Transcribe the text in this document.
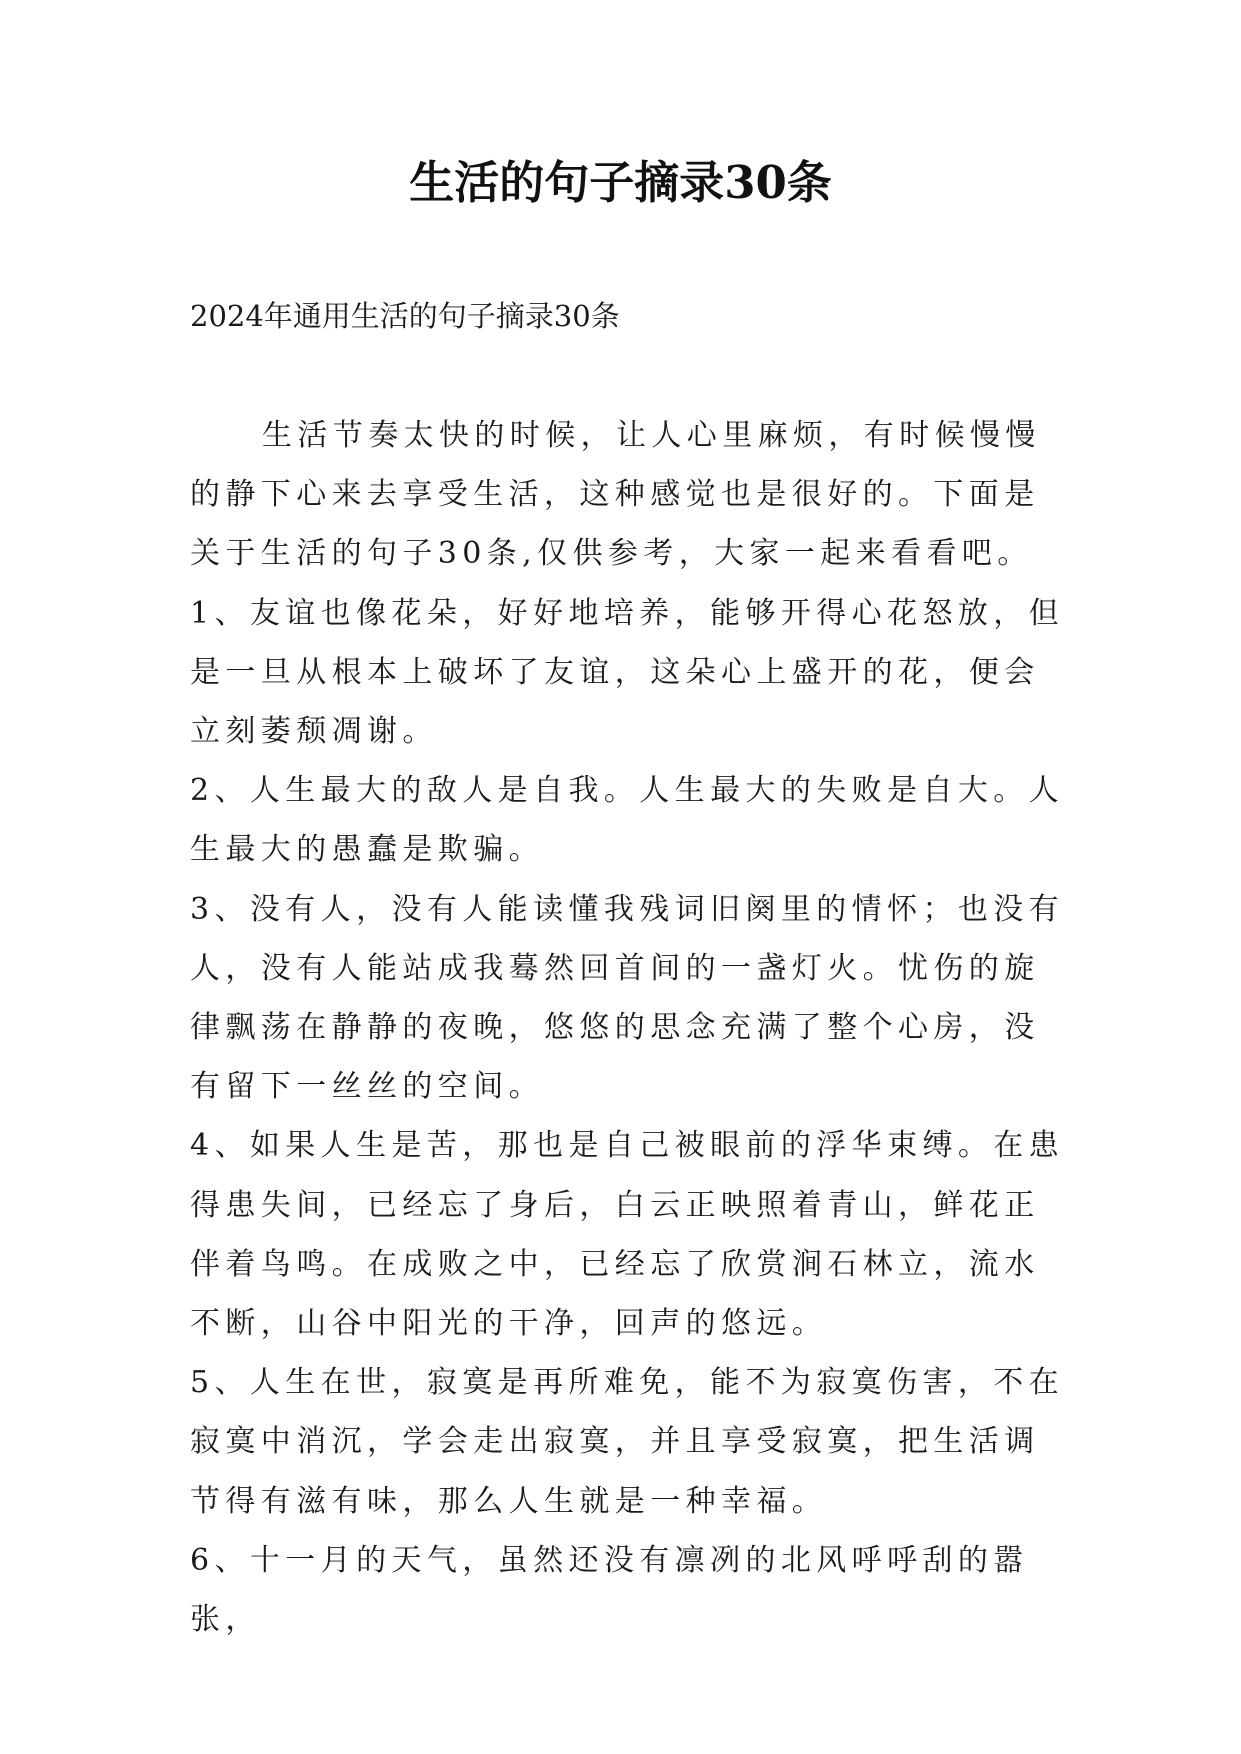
生活的句子摘录30条

2024年通用生活的句子摘录30条

生活节奏太快的时候，让人心里麻烦，有时候慢慢的静下心来去享受生活，这种感觉也是很好的。下面是关于生活的句子30条,仅供参考，大家一起来看看吧。

1、友谊也像花朵，好好地培养，能够开得心花怒放，但是一旦从根本上破坏了友谊，这朵心上盛开的花，便会立刻萎颓凋谢。

2、人生最大的敌人是自我。人生最大的失败是自大。人生最大的愚蠢是欺骗。

3、没有人，没有人能读懂我残词旧阕里的情怀；也没有人，没有人能站成我蓦然回首间的一盏灯火。忧伤的旋律飘荡在静静的夜晚，悠悠的思念充满了整个心房，没有留下一丝丝的空间。

4、如果人生是苦，那也是自己被眼前的浮华束缚。在患得患失间，已经忘了身后，白云正映照着青山，鲜花正伴着鸟鸣。在成败之中，已经忘了欣赏涧石林立，流水不断，山谷中阳光的干净，回声的悠远。

5、人生在世，寂寞是再所难免，能不为寂寞伤害，不在寂寞中消沉，学会走出寂寞，并且享受寂寞，把生活调节得有滋有味，那么人生就是一种幸福。

6、十一月的天气，虽然还没有凛冽的北风呼呼刮的嚣张，
